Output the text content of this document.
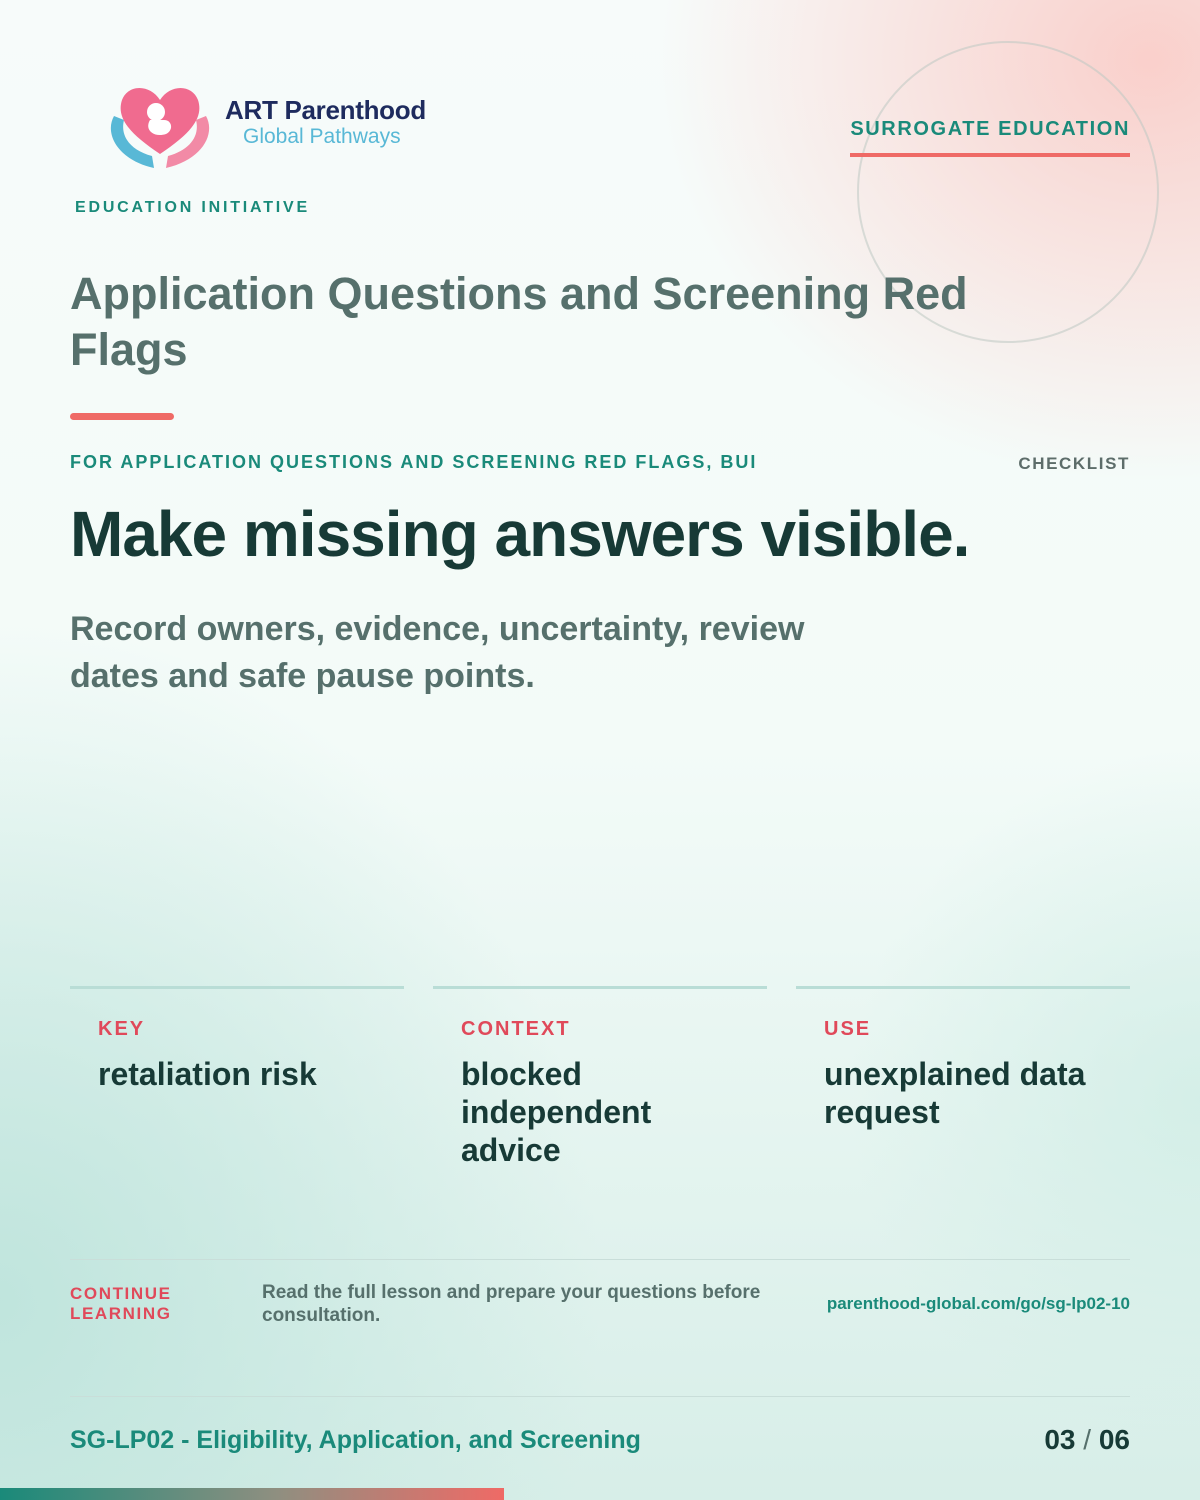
ART Parenthood
Global Pathways	SURROGATE EDUCATION
EDUCATION INITIATIVE
Application Questions and Screening Red Flags
FOR APPLICATION QUESTIONS AND SCREENING RED FLAGS, BUI	CHECKLIST
Make missing answers visible.

Record owners, evidence, uncertainty, review dates and safe pause points.

KEY
retaliation risk
CONTEXT
blocked independent advice
USE
unexplained data request
CONTINUE LEARNING
Read the full lesson and prepare your questions before consultation.
parenthood-global.com/go/sg-lp02-10
SG-LP02 - Eligibility, Application, and Screening	03 / 06
